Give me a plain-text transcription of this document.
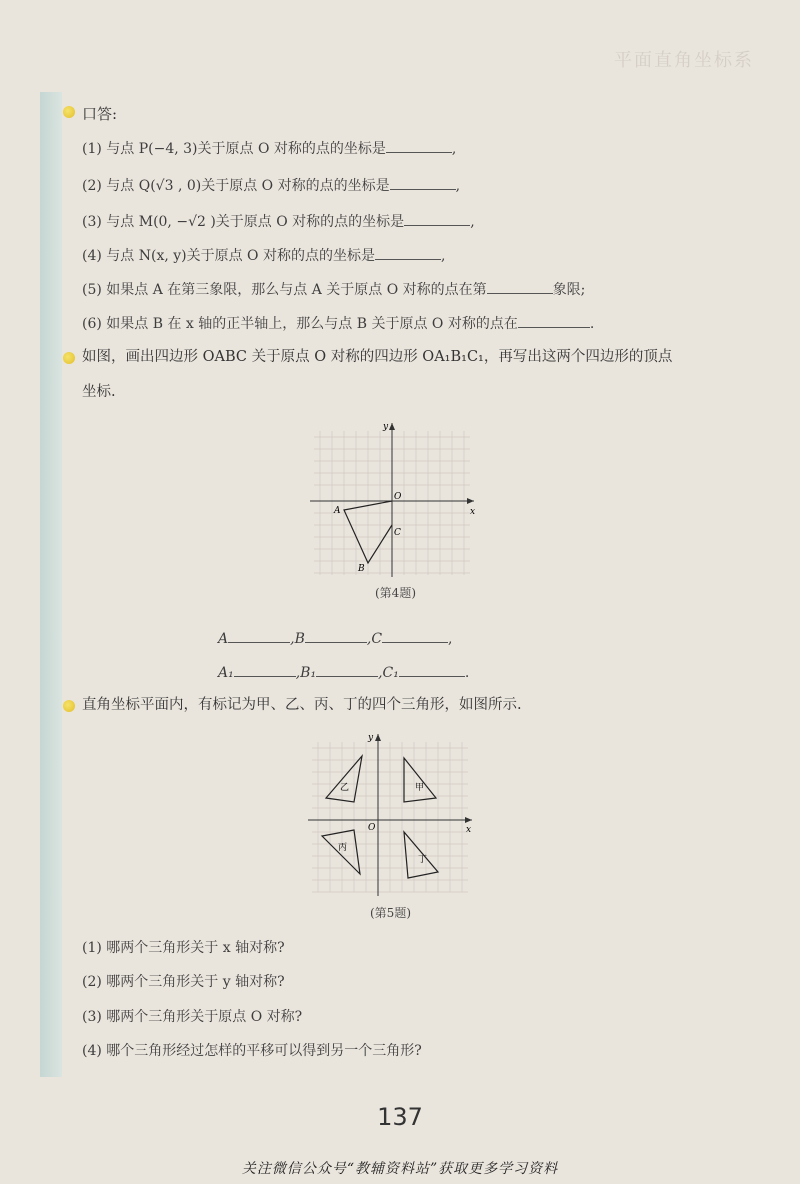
平面直角坐标系
口答:
(1) 与点 P(−4, 3)关于原点 O 对称的点的坐标是	,
(2) 与点 Q(√3 , 0)关于原点 O 对称的点的坐标是	,
(3) 与点 M(0, −√2 )关于原点 O 对称的点的坐标是	,
(4) 与点 N(x, y)关于原点 O 对称的点的坐标是	,
(5) 如果点 A 在第三象限，那么与点 A 关于原点 O 对称的点在第	象限;
(6) 如果点 B 在 x 轴的正半轴上，那么与点 B 关于原点 O 对称的点在	.
如图，画出四边形 OABC 关于原点 O 对称的四边形 OA₁B₁C₁，再写出这两个四边形的顶点
坐标.
y
x
O
A
B
C
(第4题)
A	,B	,C	,
A₁	,B₁	,C₁	.
直角坐标平面内，有标记为甲、乙、丙、丁的四个三角形，如图所示.
y
x
O
乙	甲
丙
丁
(第5题)
(1) 哪两个三角形关于 x 轴对称?
(2) 哪两个三角形关于 y 轴对称?
(3) 哪两个三角形关于原点 O 对称?
(4) 哪个三角形经过怎样的平移可以得到另一个三角形?
137
关注微信公众号“教辅资料站”获取更多学习资料
